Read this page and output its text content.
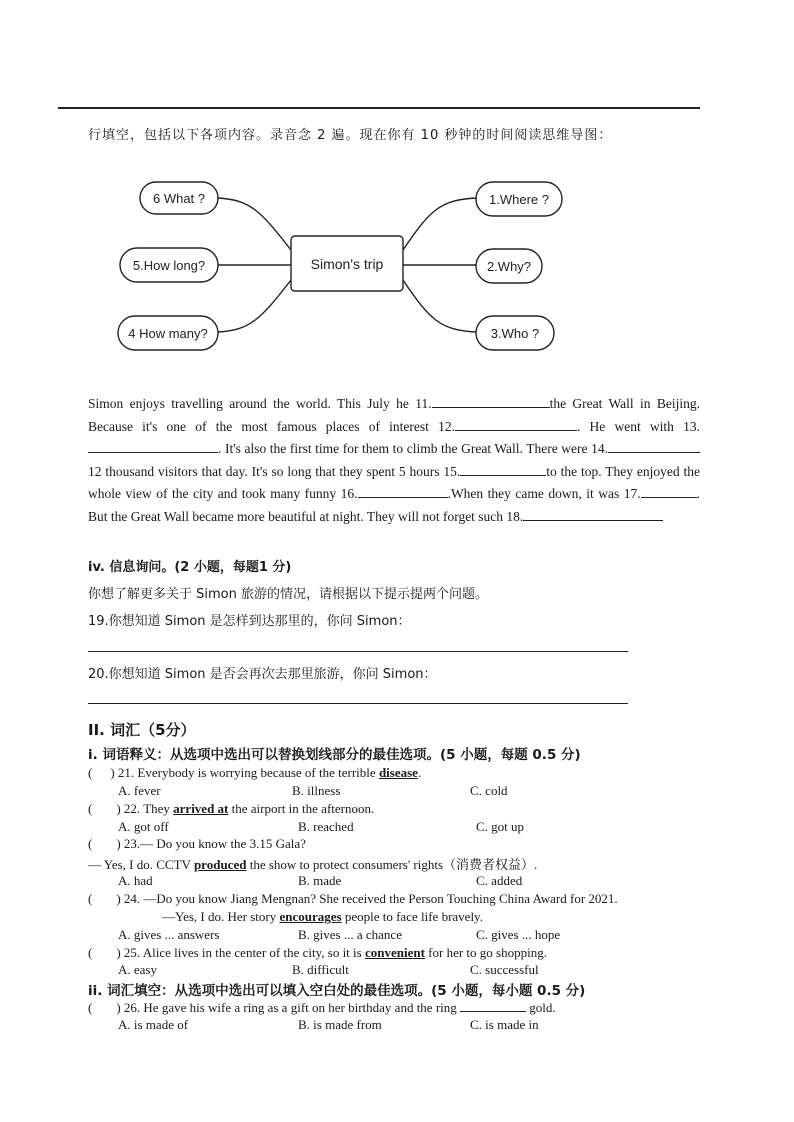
行填空，包括以下各项内容。录音念 2 遍。现在你有 10 秒钟的时间阅读思维导图：
Simon's trip
6 What ?
5.How long?
4 How many?
1.Where ?
2.Why?
3.Who ?

Simon enjoys travelling around the world. This July he 11.	the Great Wall in Beijing. Because it's one of the most famous places of interest 12.	. He went with 13.. It's also the first time for them to climb the Great Wall. There were 14. 12 thousand visitors that day. It's so long that they spent 5 hours 15.	to the top. They enjoyed the whole view of the city and took many funny 16.	.When they came down, it was 17.	. But the Great Wall became more beautiful at night. They will not forget such 18.

iv. 信息询问。(2 小题，每题1 分)
你想了解更多关于 Simon 旅游的情况，请根据以下提示提两个问题。
19.你想知道 Simon 是怎样到达那里的，你问 Simon：
20.你想知道 Simon 是否会再次去那里旅游，你问 Simon：
II. 词汇（5分）
i. 词语释义：从选项中选出可以替换划线部分的最佳选项。(5 小题，每题 0.5 分)
( ) 21. Everybody is worrying because of the terrible disease.
A. fever	B. illness	C. cold
( ) 22. They arrived at the airport in the afternoon.
A. got off	B. reached	C. got up
( ) 23.— Do you know the 3.15 Gala?
— Yes, I do. CCTV produced the show to protect consumers' rights（消费者权益）.
A. had	B. made	C. added
( ) 24. —Do you know Jiang Mengnan? She received the Person Touching China Award for 2021.
—Yes, I do. Her story encourages people to face life bravely.
A. gives ... answers	B. gives ... a chance	C. gives ... hope
( ) 25. Alice lives in the center of the city, so it is convenient for her to go shopping.
A. easy	B. difficult	C. successful
ii. 词汇填空：从选项中选出可以填入空白处的最佳选项。(5 小题，每小题 0.5 分)
( ) 26. He gave his wife a ring as a gift on her birthday and the ring	gold.
A. is made of	B. is made from	C. is made in
